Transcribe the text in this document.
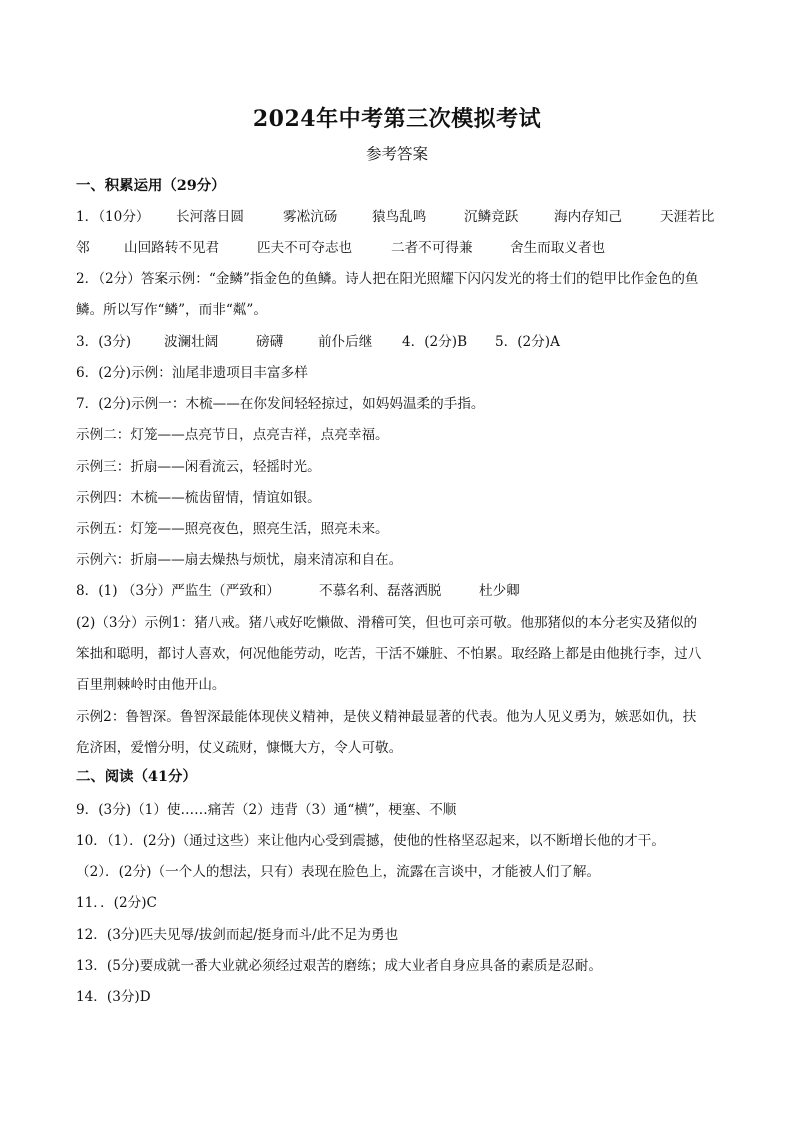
2024年中考第三次模拟考试
参考答案
一、积累运用（29分）
1．（10分） 长河落日圆	雾凇沆砀	猿鸟乱鸣	沉鳞竞跃	海内存知己	天涯若比
邻	山回路转不见君	匹夫不可夺志也	二者不可得兼	舍生而取义者也
2．（2分）答案示例：“金鳞”指金色的鱼鳞。诗人把在阳光照耀下闪闪发光的将士们的铠甲比作金色的鱼
鳞。所以写作“鳞”，而非“粼”。
3．(3分) 波澜壮阔	磅礴	前仆后继 4．(2分)B 5．(2分)A
6．(2分)示例：汕尾非遗项目丰富多样
7．(2分)示例一：木梳——在你发间轻轻掠过，如妈妈温柔的手指。
示例二：灯笼——点亮节日，点亮吉祥，点亮幸福。
示例三：折扇——闲看流云，轻摇时光。
示例四：木梳——梳齿留情，情谊如银。
示例五：灯笼——照亮夜色，照亮生活，照亮未来。
示例六：折扇——扇去燥热与烦忧，扇来清凉和自在。
8．(1) （3分）严监生（严致和）	不慕名利、磊落洒脱	杜少卿
(2)（3分）示例1：猪八戒。猪八戒好吃懒做、滑稽可笑，但也可亲可敬。他那猪似的本分老实及猪似的
笨拙和聪明，都讨人喜欢，何况他能劳动，吃苦，干活不嫌脏、不怕累。取经路上都是由他挑行李，过八
百里荆棘岭时由他开山。
示例2：鲁智深。鲁智深最能体现侠义精神，是侠义精神最显著的代表。他为人见义勇为，嫉恶如仇，扶
危济困，爱憎分明，仗义疏财，慷慨大方，令人可敬。
二、阅读（41分）
9．(3分)（1）使……痛苦（2）违背（3）通“横”，梗塞、不顺
10．（1）．(2分)（通过这些）来让他内心受到震撼，使他的性格坚忍起来，以不断增长他的才干。
（2）．(2分)（一个人的想法，只有）表现在脸色上，流露在言谈中，才能被人们了解。
11．．(2分)C
12．(3分)匹夫见辱/拔剑而起/挺身而斗/此不足为勇也
13．(5分)要成就一番大业就必须经过艰苦的磨练；成大业者自身应具备的素质是忍耐。
14．(3分)D
